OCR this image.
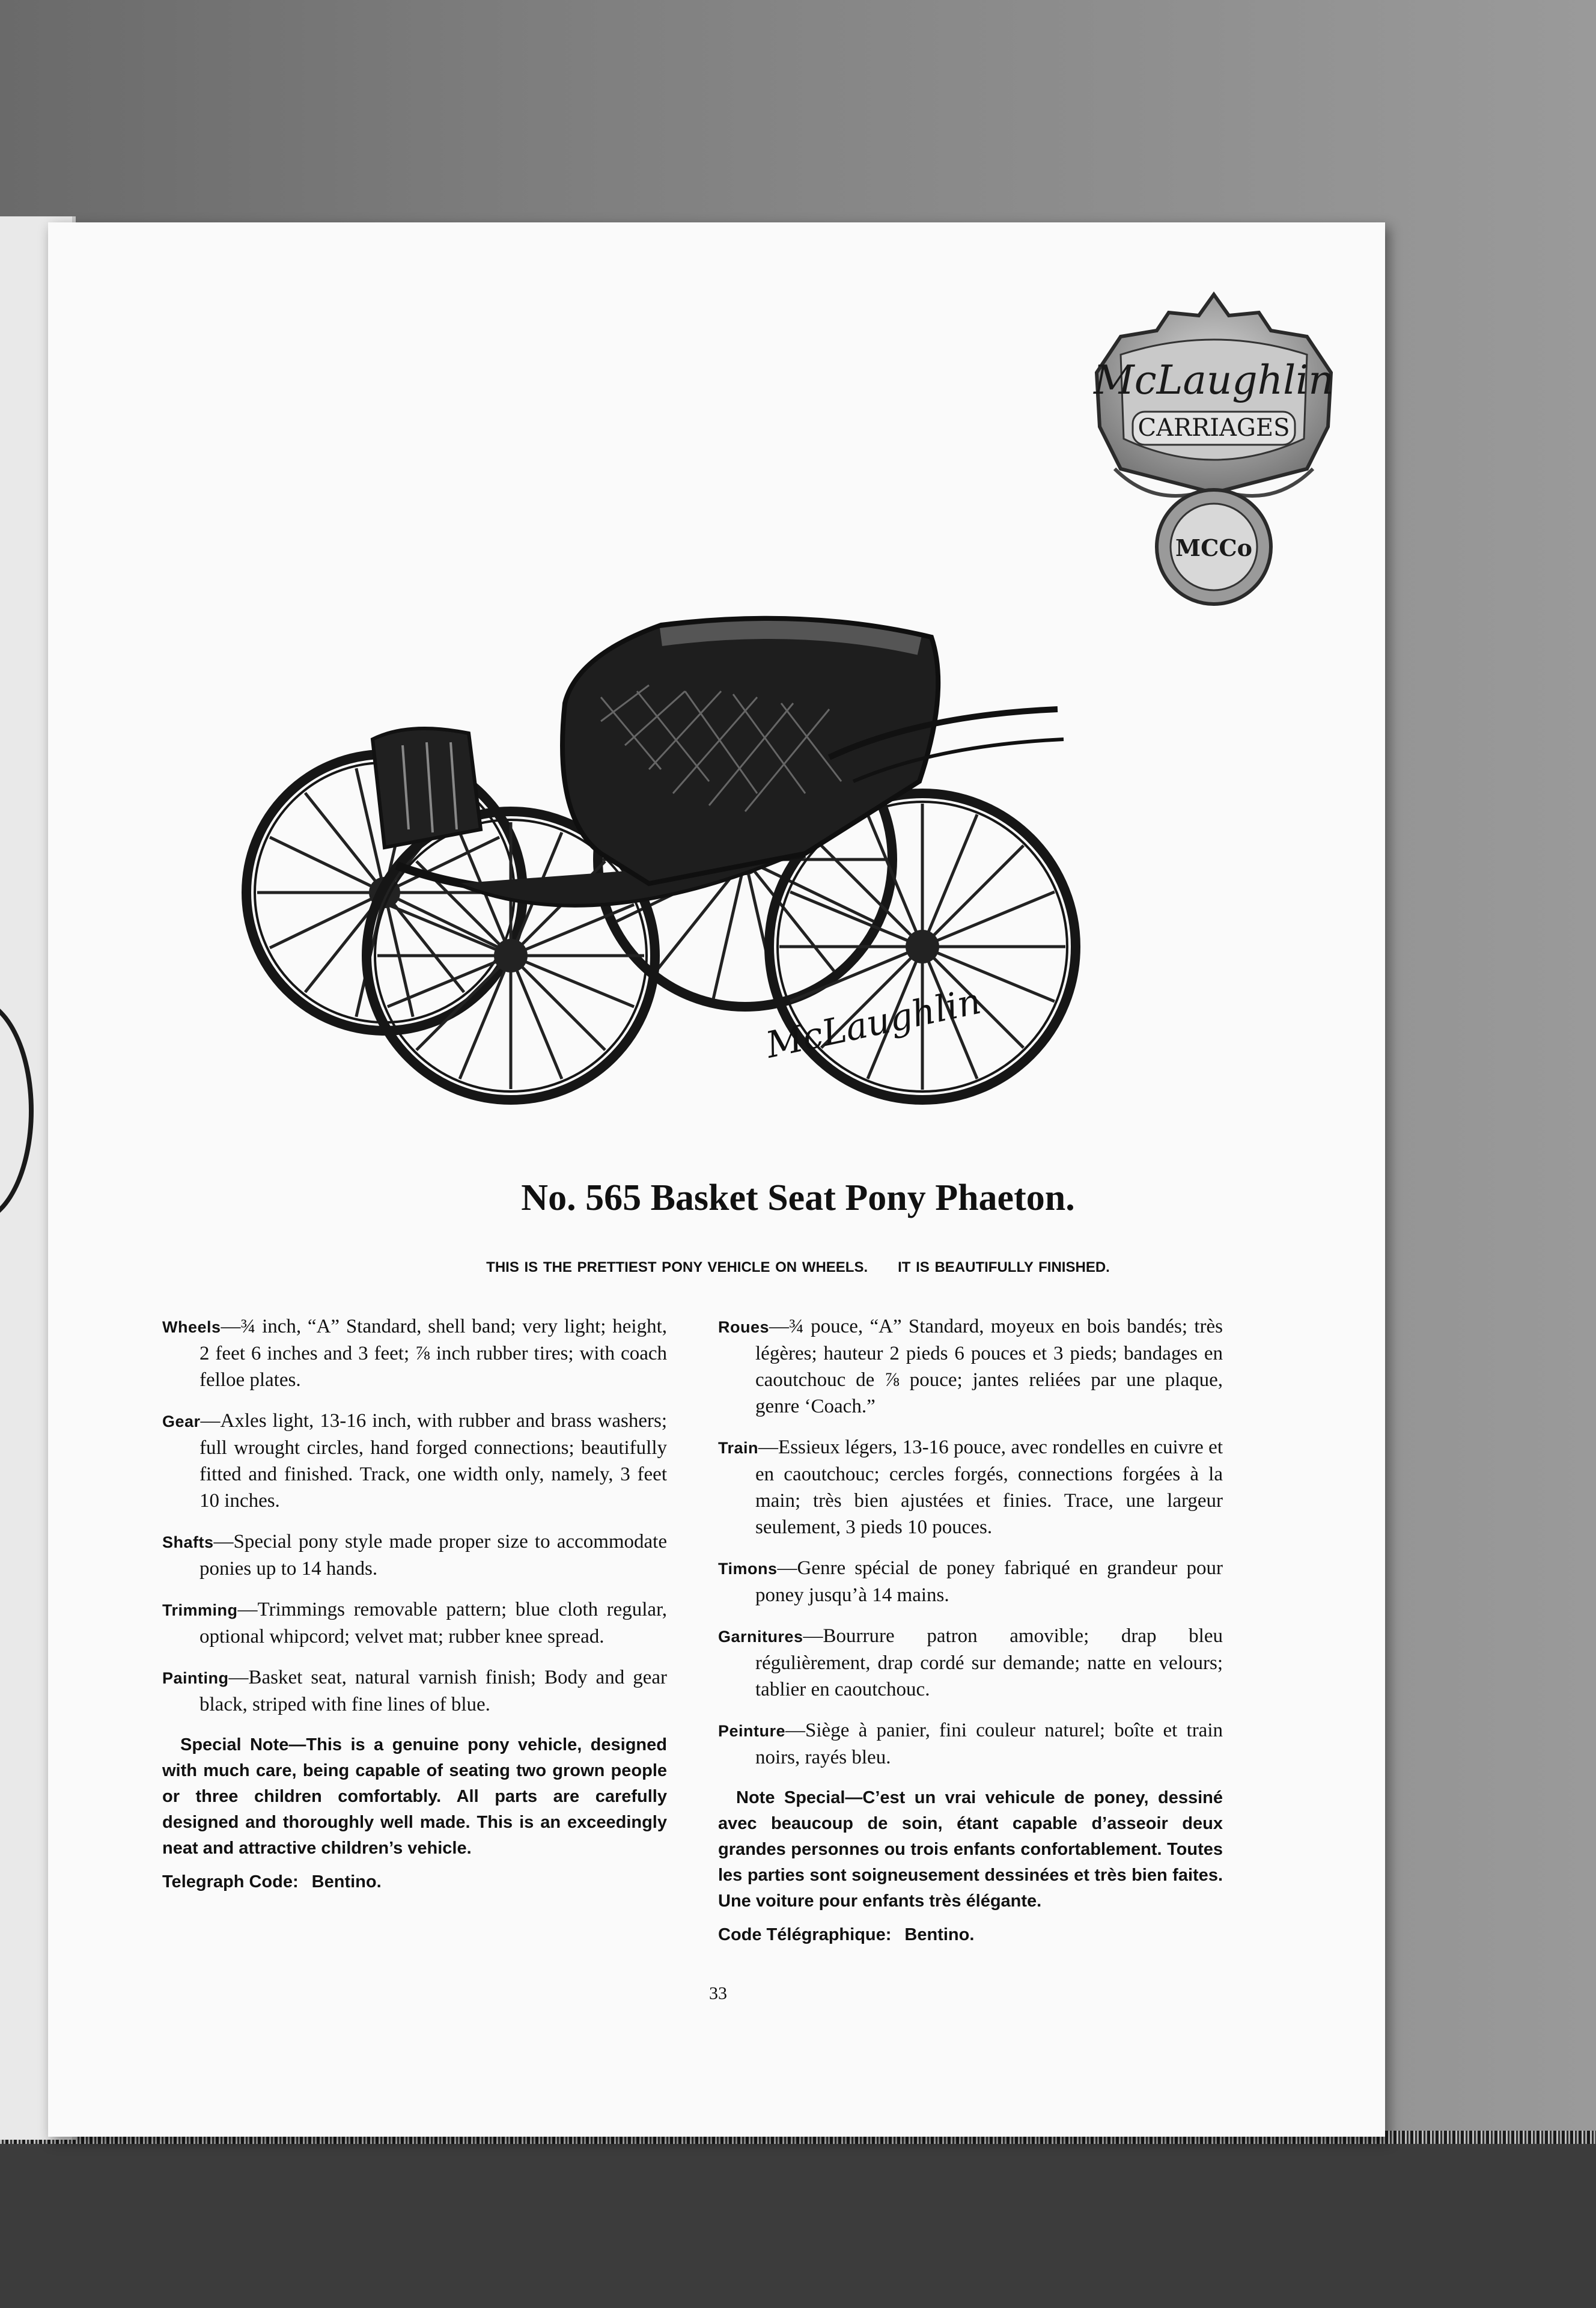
McLaughlin
CARRIAGES
MCCo
McLaughlin
No. 565 Basket Seat Pony Phaeton.
THIS IS THE PRETTIEST PONY VEHICLE ON WHEELS. IT IS BEAUTIFULLY FINISHED.
Wheels—¾ inch, “A” Standard, shell band; very light; height, 2 feet 6 inches and 3 feet; ⅞ inch rubber tires; with coach felloe plates.
Gear—Axles light, 13-16 inch, with rubber and brass washers; full wrought circles, hand forged connections; beautifully fitted and finished. Track, one width only, namely, 3 feet 10 inches.
Shafts—Special pony style made proper size to accommodate ponies up to 14 hands.
Trimming—Trimmings removable pattern; blue cloth regular, optional whipcord; velvet mat; rubber knee spread.
Painting—Basket seat, natural varnish finish; Body and gear black, striped with fine lines of blue.
Special Note—This is a genuine pony vehicle, designed with much care, being capable of seating two grown people or three children comfortably. All parts are carefully designed and thoroughly well made. This is an exceedingly neat and attractive children’s vehicle.
Telegraph Code: Bentino.
Roues—¾ pouce, “A” Standard, moyeux en bois bandés; très légères; hauteur 2 pieds 6 pouces et 3 pieds; bandages en caoutchouc de ⅞ pouce; jantes reliées par une plaque, genre ‘Coach.”
Train—Essieux légers, 13-16 pouce, avec rondelles en cuivre et en caoutchouc; cercles forgés, connections forgées à la main; très bien ajustées et finies. Trace, une largeur seulement, 3 pieds 10 pouces.
Timons—Genre spécial de poney fabriqué en grandeur pour poney jusqu’à 14 mains.
Garnitures—Bourrure patron amovible; drap bleu régulièrement, drap cordé sur demande; natte en velours; tablier en caoutchouc.
Peinture—Siège à panier, fini couleur naturel; boîte et train noirs, rayés bleu.
Note Special—C’est un vrai vehicule de poney, dessiné avec beaucoup de soin, étant capable d’asseoir deux grandes personnes ou trois enfants confortablement. Toutes les parties sont soigneusement dessinées et très bien faites. Une voiture pour enfants très élégante.
Code Télégraphique: Bentino.
33
